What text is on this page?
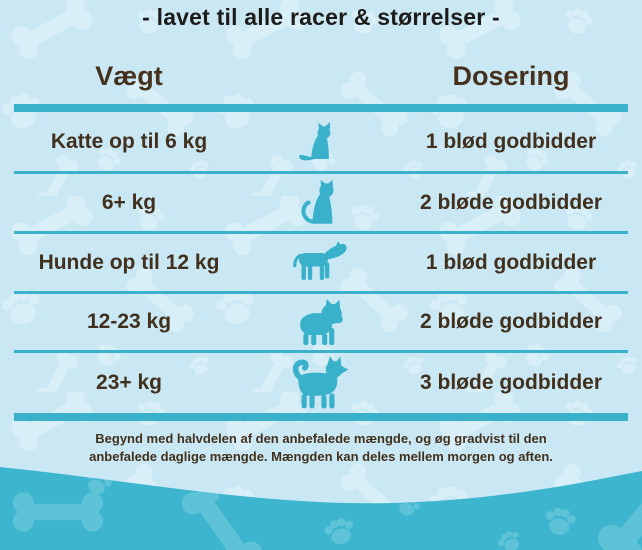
- lavet til alle racer & størrelser -
Vægt	Dosering
Katte op til 6 kg	1 blød godbidder
6+ kg	2 bløde godbidder
Hunde op til 12 kg	1 blød godbidder
12-23 kg	2 bløde godbidder
23+ kg	3 bløde godbidder
Begynd med halvdelen af den anbefalede mængde, og øg gradvist til den anbefalede daglige mængde. Mængden kan deles mellem morgen og aften.
